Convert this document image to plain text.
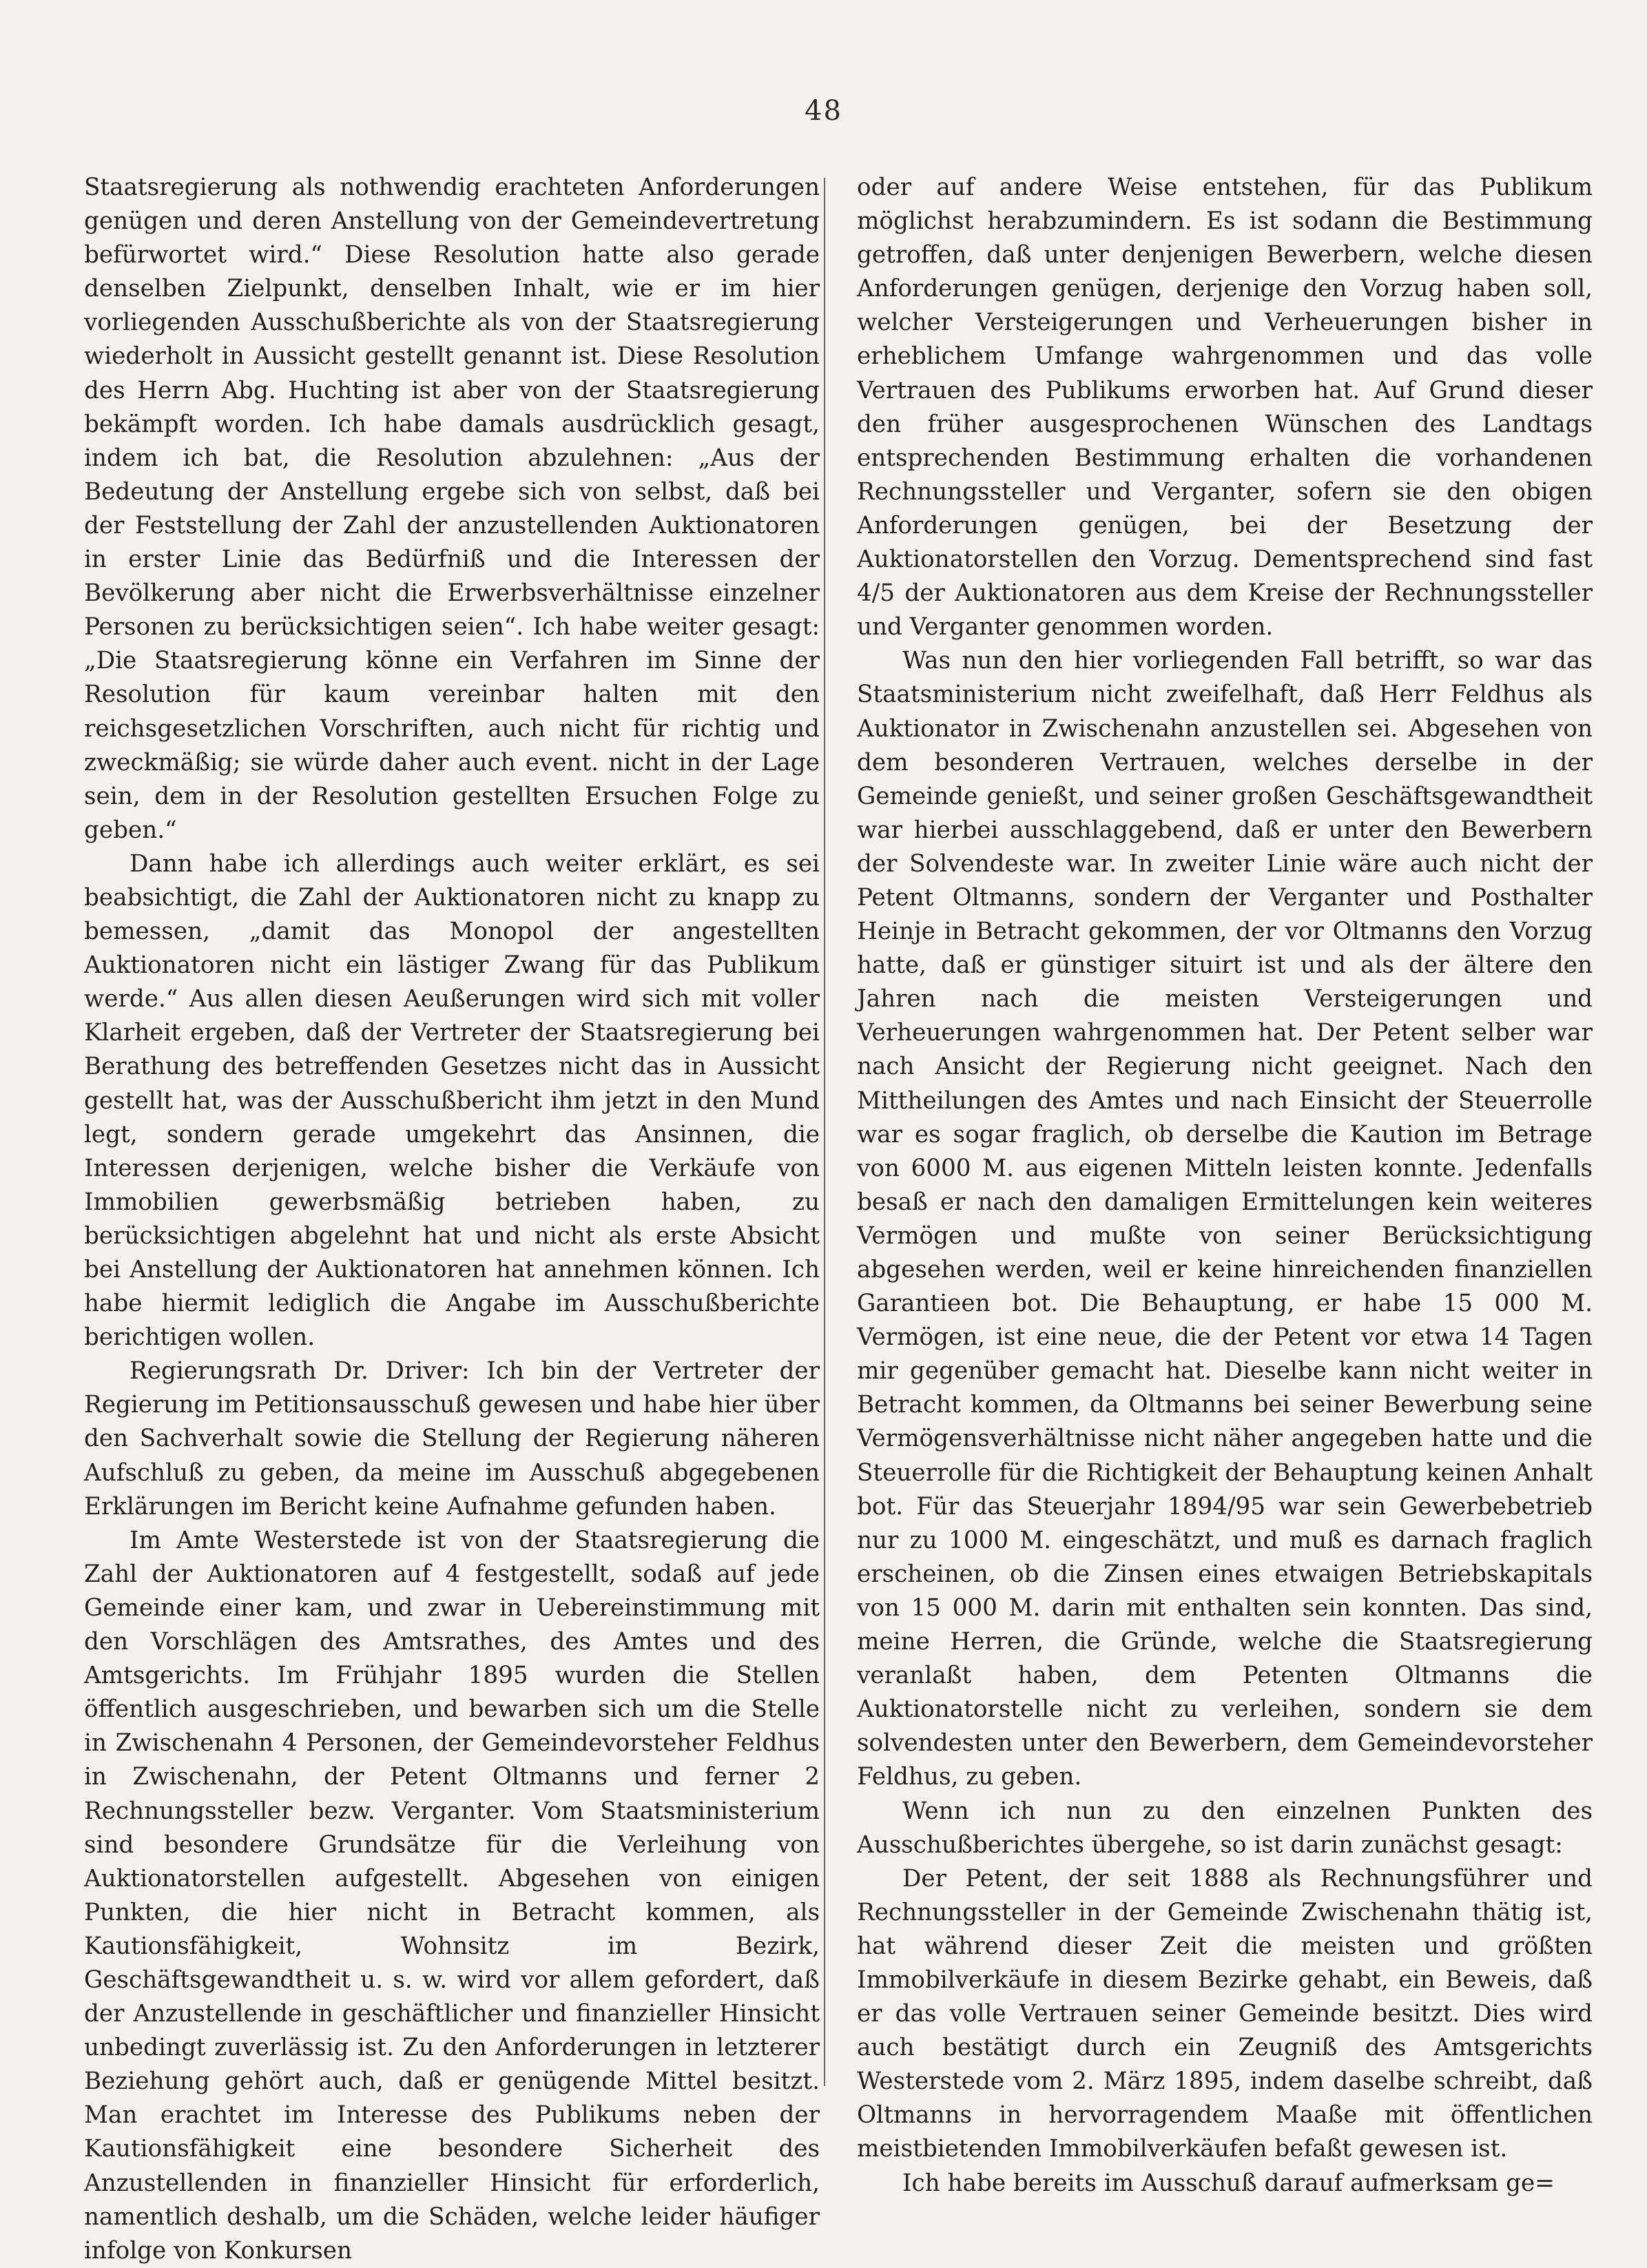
48

Staatsregierung als nothwendig erachteten Anforderungen genügen und deren Anstellung von der Gemeindevertretung befürwortet wird.“ Diese Resolution hatte also gerade denselben Zielpunkt, denselben Inhalt, wie er im hier vorliegenden Ausschußberichte als von der Staatsregierung wiederholt in Aussicht gestellt genannt ist. Diese Resolution des Herrn Abg. Huchting ist aber von der Staatsregierung bekämpft worden. Ich habe damals ausdrücklich gesagt, indem ich bat, die Resolution abzulehnen: „Aus der Bedeutung der Anstellung ergebe sich von selbst, daß bei der Feststellung der Zahl der anzustellenden Auktionatoren in erster Linie das Bedürfniß und die Interessen der Bevölkerung aber nicht die Erwerbsverhältnisse einzelner Personen zu berücksichtigen seien“. Ich habe weiter gesagt: „Die Staatsregierung könne ein Verfahren im Sinne der Resolution für kaum vereinbar halten mit den reichsgesetzlichen Vorschriften, auch nicht für richtig und zweckmäßig; sie würde daher auch event. nicht in der Lage sein, dem in der Resolution gestellten Ersuchen Folge zu geben.“

Dann habe ich allerdings auch weiter erklärt, es sei beabsichtigt, die Zahl der Auktionatoren nicht zu knapp zu bemessen, „damit das Monopol der angestellten Auktionatoren nicht ein lästiger Zwang für das Publikum werde.“ Aus allen diesen Aeußerungen wird sich mit voller Klarheit ergeben, daß der Vertreter der Staatsregierung bei Berathung des betreffenden Gesetzes nicht das in Aussicht gestellt hat, was der Ausschußbericht ihm jetzt in den Mund legt, sondern gerade umgekehrt das Ansinnen, die Interessen derjenigen, welche bisher die Verkäufe von Immobilien gewerbsmäßig betrieben haben, zu berücksichtigen abgelehnt hat und nicht als erste Absicht bei Anstellung der Auktionatoren hat annehmen können. Ich habe hiermit lediglich die Angabe im Ausschußberichte berichtigen wollen.

Regierungsrath Dr. Driver: Ich bin der Vertreter der Regierung im Petitionsausschuß gewesen und habe hier über den Sachverhalt sowie die Stellung der Regierung näheren Aufschluß zu geben, da meine im Ausschuß abgegebenen Erklärungen im Bericht keine Aufnahme gefunden haben.

Im Amte Westerstede ist von der Staatsregierung die Zahl der Auktionatoren auf 4 festgestellt, sodaß auf jede Gemeinde einer kam, und zwar in Uebereinstimmung mit den Vorschlägen des Amtsrathes, des Amtes und des Amtsgerichts. Im Frühjahr 1895 wurden die Stellen öffentlich ausgeschrieben, und bewarben sich um die Stelle in Zwischenahn 4 Personen, der Gemeindevorsteher Feldhus in Zwischenahn, der Petent Oltmanns und ferner 2 Rechnungssteller bezw. Verganter. Vom Staatsministerium sind besondere Grundsätze für die Verleihung von Auktionatorstellen aufgestellt. Abgesehen von einigen Punkten, die hier nicht in Betracht kommen, als Kautionsfähigkeit, Wohnsitz im Bezirk, Geschäftsgewandtheit u. s. w. wird vor allem gefordert, daß der Anzustellende in geschäftlicher und finanzieller Hinsicht unbedingt zuverlässig ist. Zu den Anforderungen in letzterer Beziehung gehört auch, daß er genügende Mittel besitzt. Man erachtet im Interesse des Publikums neben der Kautionsfähigkeit eine besondere Sicherheit des Anzustellenden in finanzieller Hinsicht für erforderlich, namentlich deshalb, um die Schäden, welche leider häufiger infolge von Konkursen

oder auf andere Weise entstehen, für das Publikum möglichst herabzumindern. Es ist sodann die Bestimmung getroffen, daß unter denjenigen Bewerbern, welche diesen Anforderungen genügen, derjenige den Vorzug haben soll, welcher Versteigerungen und Verheuerungen bisher in erheblichem Umfange wahrgenommen und das volle Vertrauen des Publikums erworben hat. Auf Grund dieser den früher ausgesprochenen Wünschen des Landtags entsprechenden Bestimmung erhalten die vorhandenen Rechnungssteller und Verganter, sofern sie den obigen Anforderungen genügen, bei der Besetzung der Auktionatorstellen den Vorzug. Dementsprechend sind fast 4/5 der Auktionatoren aus dem Kreise der Rechnungssteller und Verganter genommen worden.

Was nun den hier vorliegenden Fall betrifft, so war das Staatsministerium nicht zweifelhaft, daß Herr Feldhus als Auktionator in Zwischenahn anzustellen sei. Abgesehen von dem besonderen Vertrauen, welches derselbe in der Gemeinde genießt, und seiner großen Geschäftsgewandtheit war hierbei ausschlaggebend, daß er unter den Bewerbern der Solvendeste war. In zweiter Linie wäre auch nicht der Petent Oltmanns, sondern der Verganter und Posthalter Heinje in Betracht gekommen, der vor Oltmanns den Vorzug hatte, daß er günstiger situirt ist und als der ältere den Jahren nach die meisten Versteigerungen und Verheuerungen wahrgenommen hat. Der Petent selber war nach Ansicht der Regierung nicht geeignet. Nach den Mittheilungen des Amtes und nach Einsicht der Steuerrolle war es sogar fraglich, ob derselbe die Kaution im Betrage von 6000 M. aus eigenen Mitteln leisten konnte. Jedenfalls besaß er nach den damaligen Ermittelungen kein weiteres Vermögen und mußte von seiner Berücksichtigung abgesehen werden, weil er keine hinreichenden finanziellen Garantieen bot. Die Behauptung, er habe 15 000 M. Vermögen, ist eine neue, die der Petent vor etwa 14 Tagen mir gegenüber gemacht hat. Dieselbe kann nicht weiter in Betracht kommen, da Oltmanns bei seiner Bewerbung seine Vermögensverhältnisse nicht näher angegeben hatte und die Steuerrolle für die Richtigkeit der Behauptung keinen Anhalt bot. Für das Steuerjahr 1894/95 war sein Gewerbebetrieb nur zu 1000 M. eingeschätzt, und muß es darnach fraglich erscheinen, ob die Zinsen eines etwaigen Betriebskapitals von 15 000 M. darin mit enthalten sein konnten. Das sind, meine Herren, die Gründe, welche die Staatsregierung veranlaßt haben, dem Petenten Oltmanns die Auktionatorstelle nicht zu verleihen, sondern sie dem solvendesten unter den Bewerbern, dem Gemeindevorsteher Feldhus, zu geben.

Wenn ich nun zu den einzelnen Punkten des Ausschußberichtes übergehe, so ist darin zunächst gesagt:

Der Petent, der seit 1888 als Rechnungsführer und Rechnungssteller in der Gemeinde Zwischenahn thätig ist, hat während dieser Zeit die meisten und größten Immobilverkäufe in diesem Bezirke gehabt, ein Beweis, daß er das volle Vertrauen seiner Gemeinde besitzt. Dies wird auch bestätigt durch ein Zeugniß des Amtsgerichts Westerstede vom 2. März 1895, indem daselbe schreibt, daß Oltmanns in hervorragendem Maaße mit öffentlichen meistbietenden Immobilverkäufen befaßt gewesen ist.

Ich habe bereits im Ausschuß darauf aufmerksam ge=
